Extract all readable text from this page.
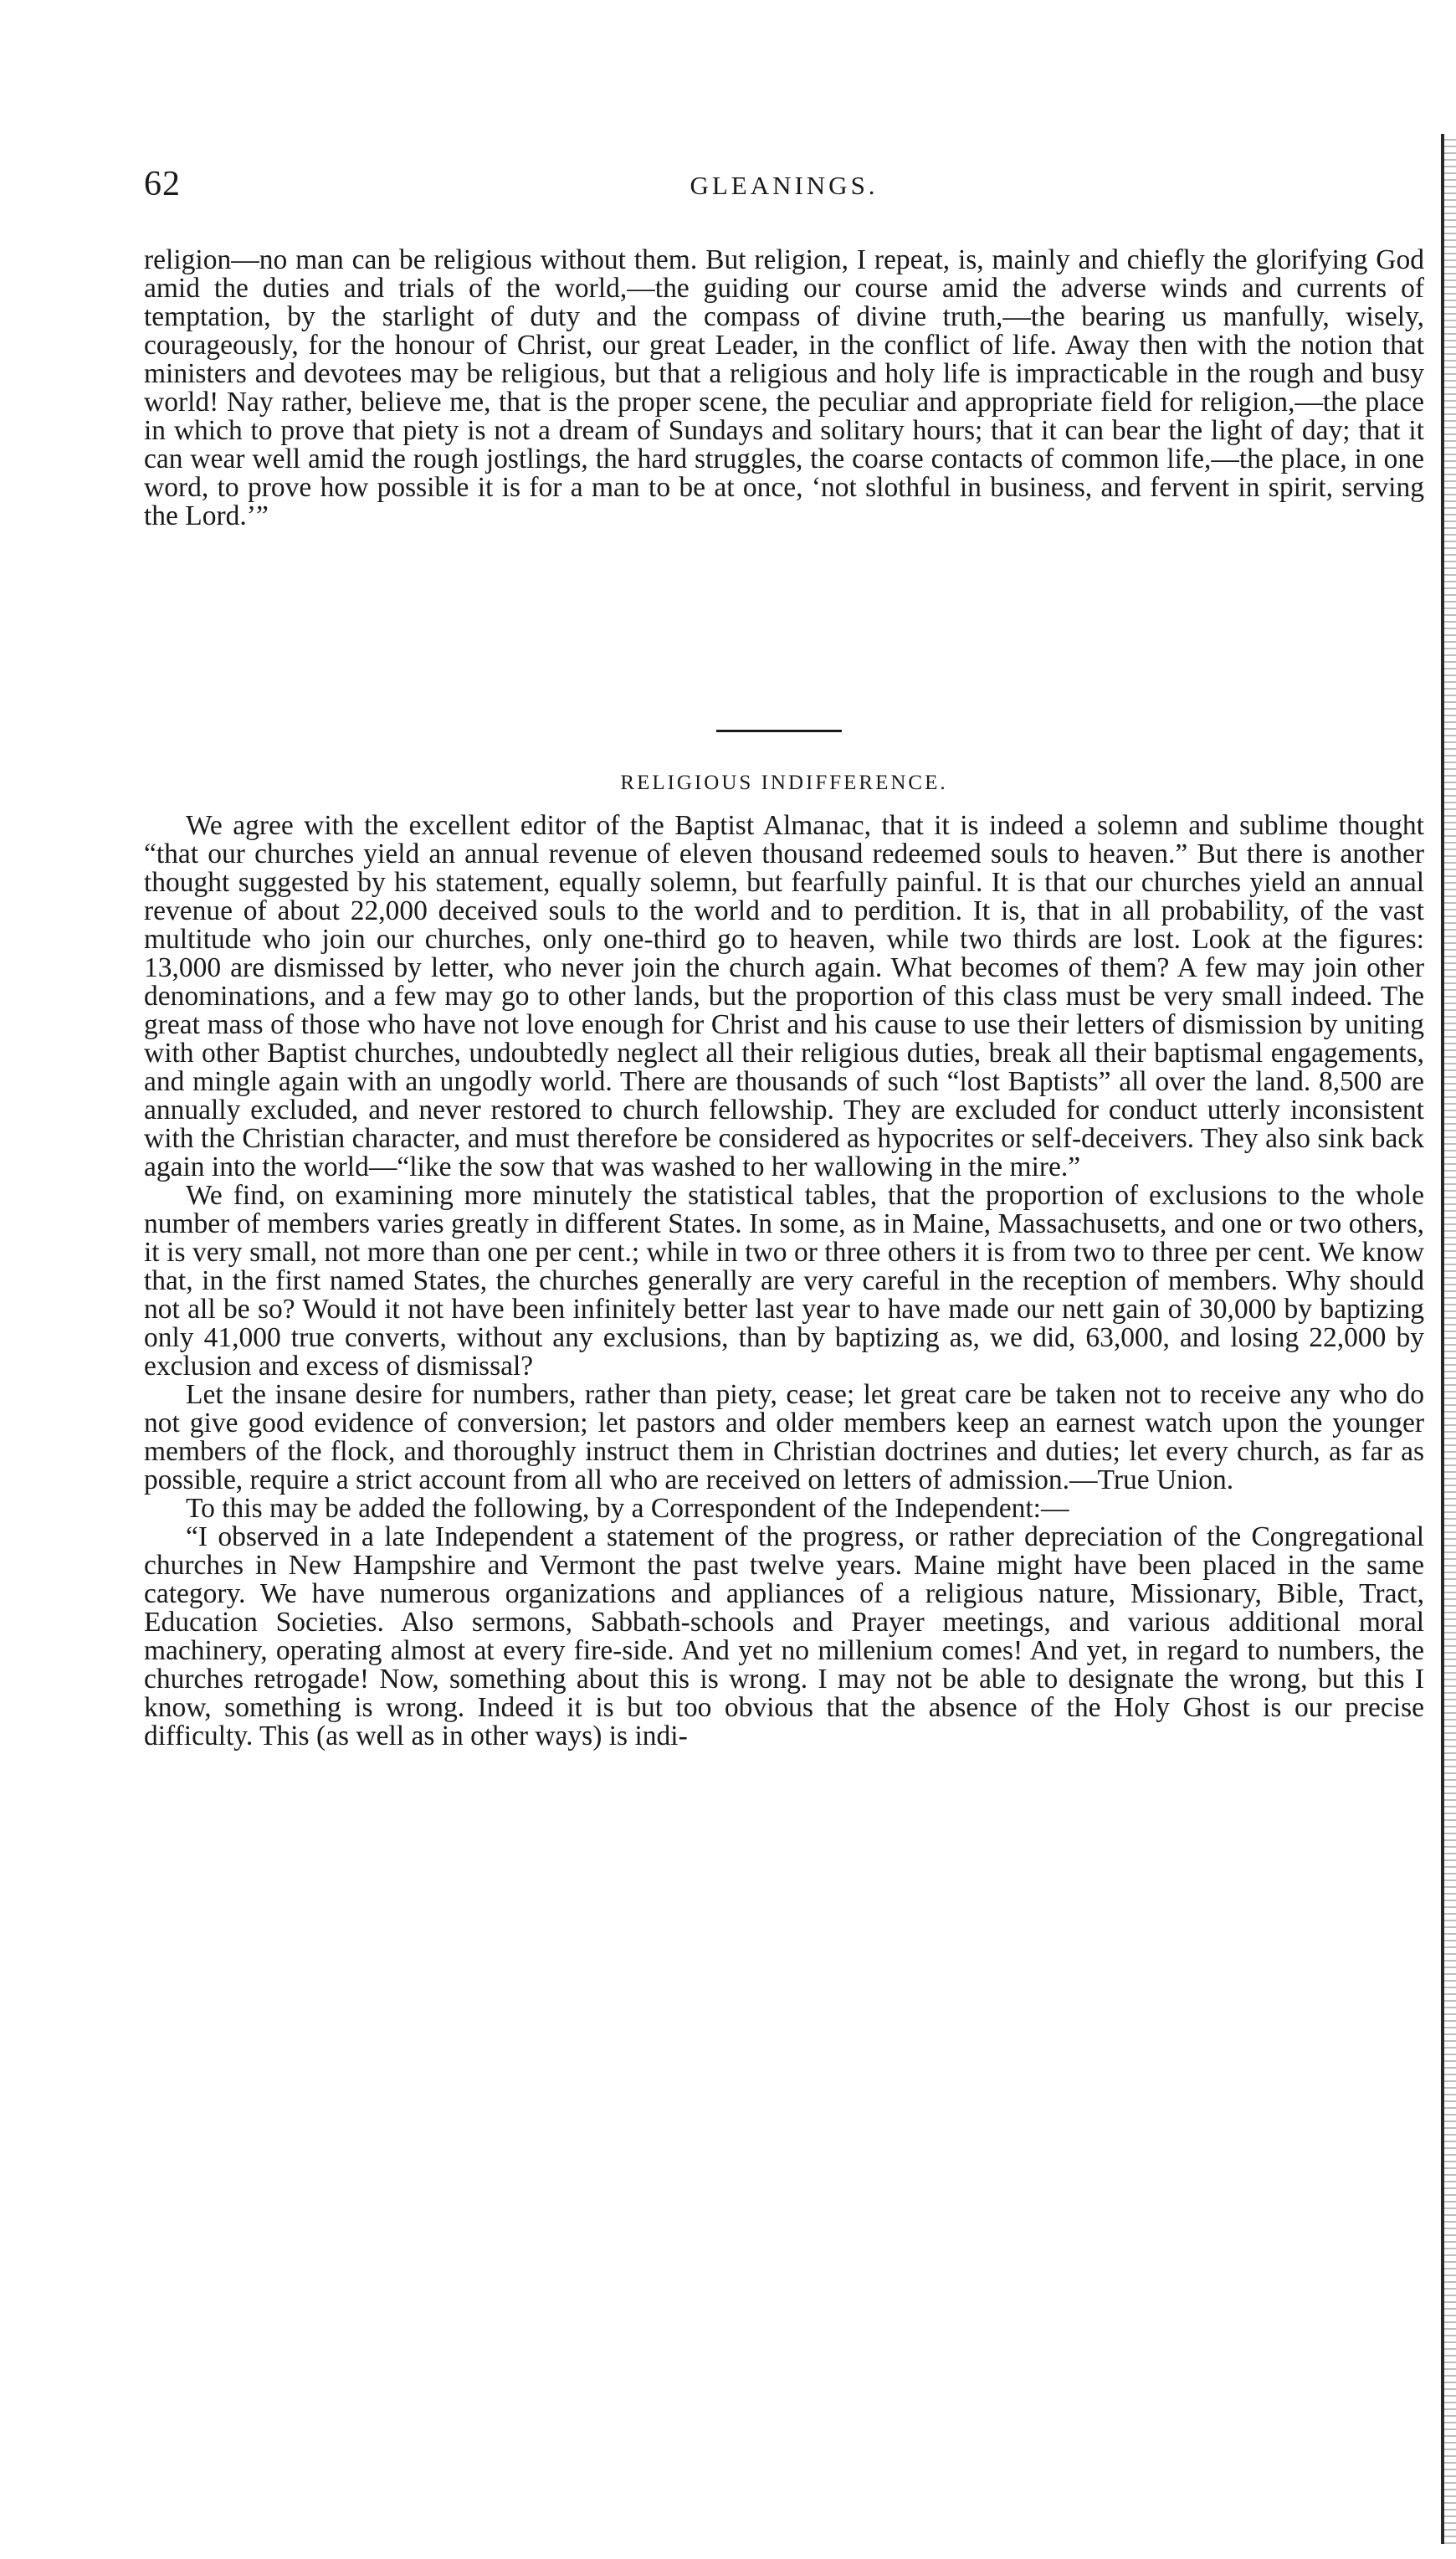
62	GLEANINGS.

religion—no man can be religious without them. But religion, I repeat, is, mainly and chiefly the glorifying God amid the duties and trials of the world,—the guiding our course amid the adverse winds and currents of temptation, by the starlight of duty and the compass of divine truth,—the bearing us manfully, wisely, courageously, for the honour of Christ, our great Leader, in the conflict of life. Away then with the notion that ministers and devotees may be religious, but that a religious and holy life is impracticable in the rough and busy world! Nay rather, believe me, that is the proper scene, the peculiar and appropriate field for religion,—the place in which to prove that piety is not a dream of Sundays and solitary hours; that it can bear the light of day; that it can wear well amid the rough jostlings, the hard struggles, the coarse contacts of common life,—the place, in one word, to prove how possible it is for a man to be at once, ‘not slothful in business, and fervent in spirit, serving the Lord.’”

RELIGIOUS INDIFFERENCE.

We agree with the excellent editor of the Baptist Almanac, that it is indeed a solemn and sublime thought “that our churches yield an annual revenue of eleven thousand redeemed souls to heaven.” But there is another thought suggested by his statement, equally solemn, but fearfully painful. It is that our churches yield an annual revenue of about 22,000 deceived souls to the world and to perdition. It is, that in all probability, of the vast multitude who join our churches, only one-third go to heaven, while two thirds are lost. Look at the figures: 13,000 are dismissed by letter, who never join the church again. What becomes of them? A few may join other denominations, and a few may go to other lands, but the proportion of this class must be very small indeed. The great mass of those who have not love enough for Christ and his cause to use their letters of dismission by uniting with other Baptist churches, undoubtedly neglect all their religious duties, break all their baptismal engagements, and mingle again with an ungodly world. There are thousands of such “lost Baptists” all over the land. 8,500 are annually excluded, and never restored to church fellowship. They are excluded for conduct utterly inconsistent with the Christian character, and must therefore be considered as hypocrites or self-deceivers. They also sink back again into the world—“like the sow that was washed to her wallowing in the mire.”

We find, on examining more minutely the statistical tables, that the proportion of exclusions to the whole number of members varies greatly in different States. In some, as in Maine, Massachusetts, and one or two others, it is very small, not more than one per cent.; while in two or three others it is from two to three per cent. We know that, in the first named States, the churches generally are very careful in the reception of members. Why should not all be so? Would it not have been infinitely better last year to have made our nett gain of 30,000 by baptizing only 41,000 true converts, without any exclusions, than by baptizing as, we did, 63,000, and losing 22,000 by exclusion and excess of dismissal?

Let the insane desire for numbers, rather than piety, cease; let great care be taken not to receive any who do not give good evidence of conversion; let pastors and older members keep an earnest watch upon the younger members of the flock, and thoroughly instruct them in Christian doctrines and duties; let every church, as far as possible, require a strict account from all who are received on letters of admission.—True Union.

To this may be added the following, by a Correspondent of the Independent:—

“I observed in a late Independent a statement of the progress, or rather depreciation of the Congregational churches in New Hampshire and Vermont the past twelve years. Maine might have been placed in the same category. We have numerous organizations and appliances of a religious nature, Missionary, Bible, Tract, Education Societies. Also sermons, Sabbath-schools and Prayer meetings, and various additional moral machinery, operating almost at every fire-side. And yet no millenium comes! And yet, in regard to numbers, the churches retrogade! Now, something about this is wrong. I may not be able to designate the wrong, but this I know, something is wrong. Indeed it is but too obvious that the absence of the Holy Ghost is our precise difficulty. This (as well as in other ways) is indi-
